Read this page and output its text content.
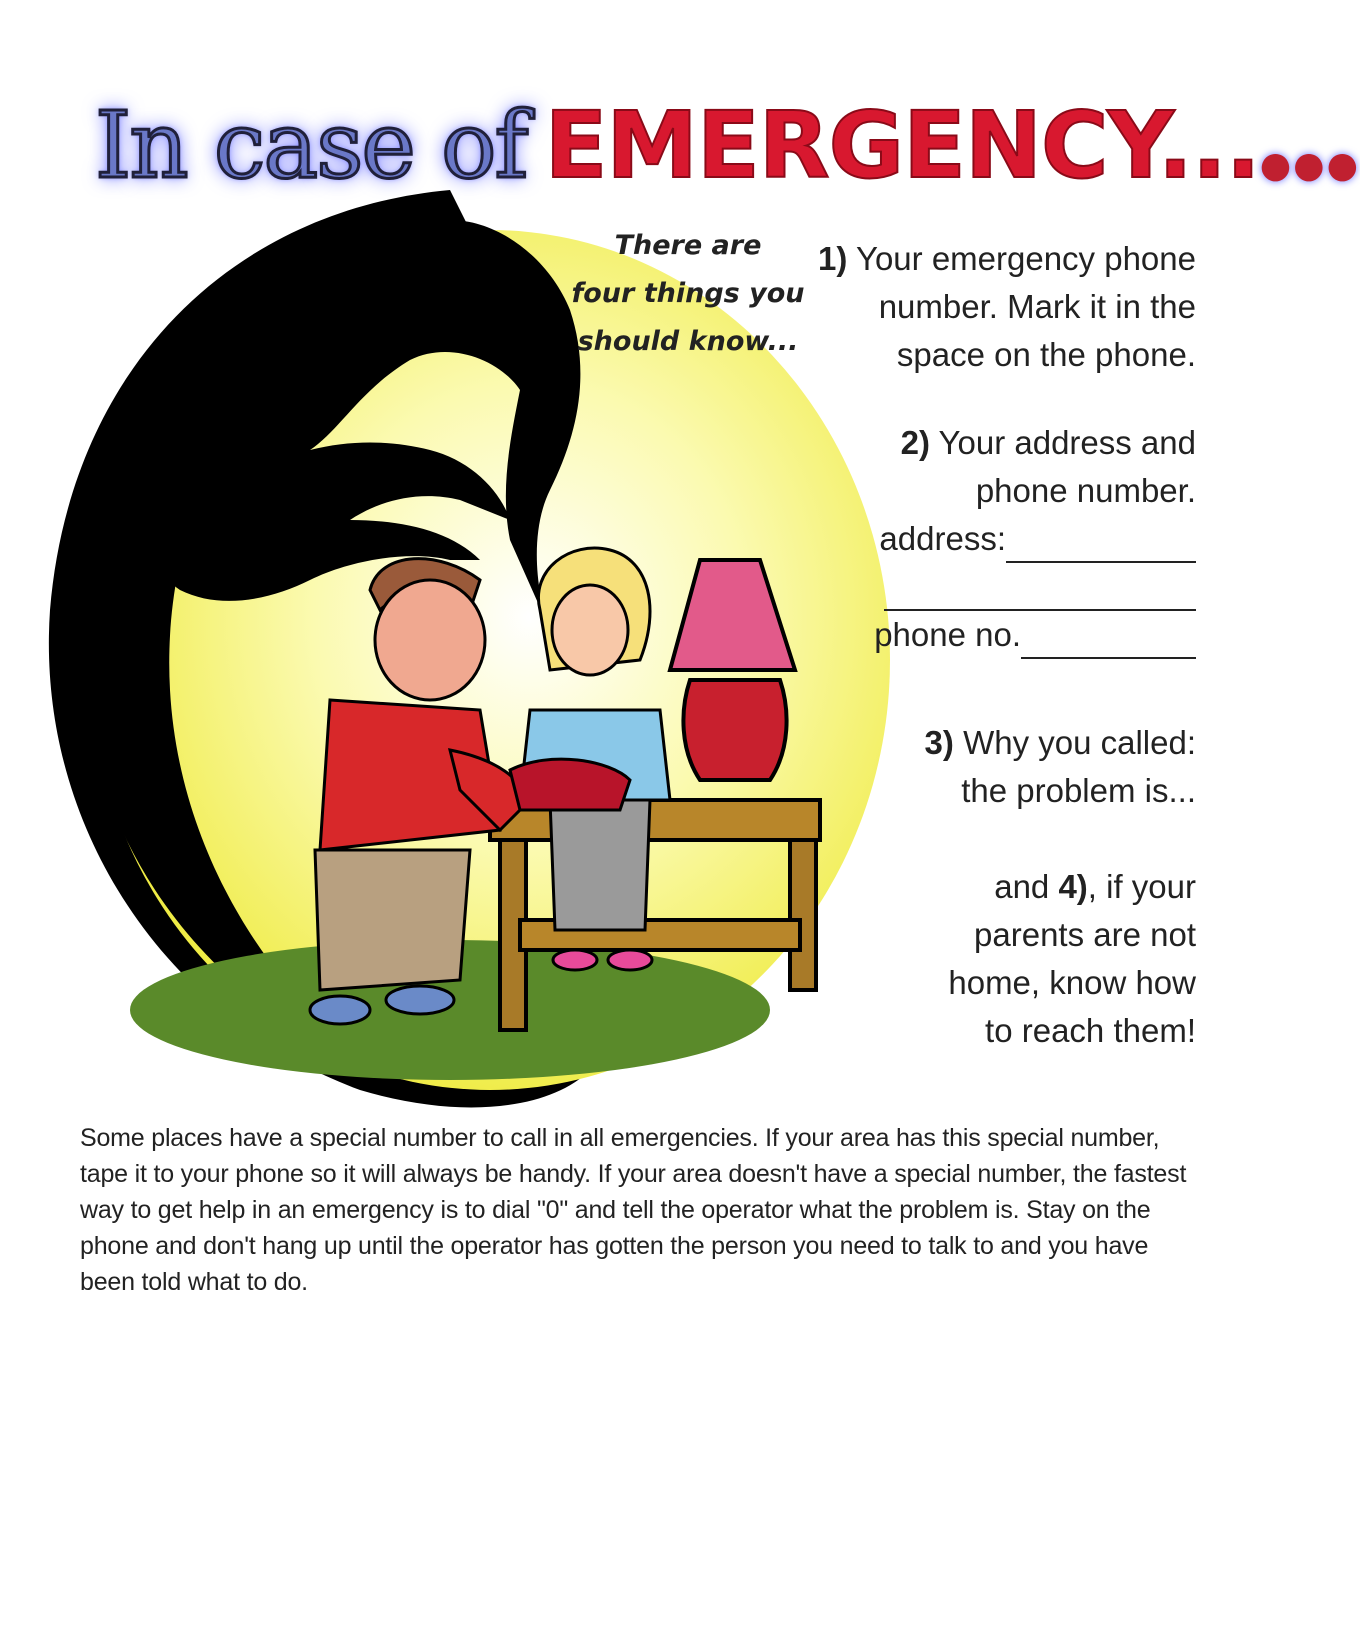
In case of EMERGENCY...●●●
There are
four things you
should know...

1) Your emergency phone
number. Mark it in the
space on the phone.

2) Your address and
phone number.

address:
phone no.

3) Why you called:
the problem is...

and 4), if your
parents are not
home, know how
to reach them!

Some places have a special number to call in all emergencies. If your area has this special number, tape it to your phone so it will always be handy. If your area doesn't have a special number, the fastest way to get help in an emergency is to dial "0" and tell the operator what the problem is. Stay on the phone and don't hang up until the operator has gotten the person you need to talk to and you have been told what to do.
